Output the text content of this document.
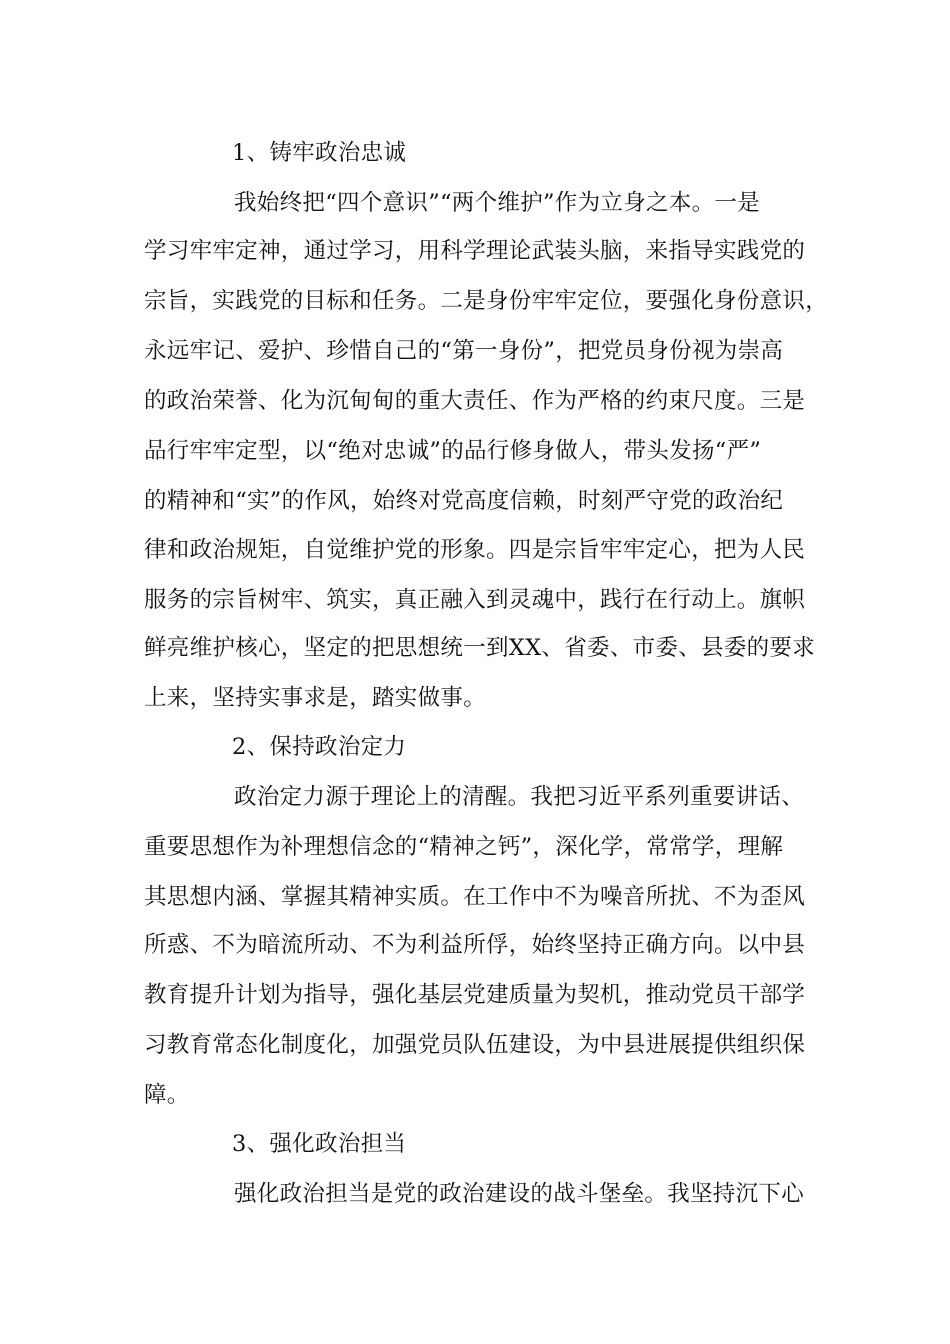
1、铸牢政治忠诚
我始终把“四个意识”“两个维护”作为立身之本。一是
学习牢牢定神，通过学习，用科学理论武装头脑，来指导实践党的
宗旨，实践党的目标和任务。二是身份牢牢定位，要强化身份意识，
永远牢记、爱护、珍惜自己的“第一身份”，把党员身份视为崇高
的政治荣誉、化为沉甸甸的重大责任、作为严格的约束尺度。三是
品行牢牢定型，以“绝对忠诚”的品行修身做人，带头发扬“严”
的精神和“实”的作风，始终对党高度信赖，时刻严守党的政治纪
律和政治规矩，自觉维护党的形象。四是宗旨牢牢定心，把为人民
服务的宗旨树牢、筑实，真正融入到灵魂中，践行在行动上。旗帜
鲜亮维护核心，坚定的把思想统一到XX、省委、市委、县委的要求
上来，坚持实事求是，踏实做事。
2、保持政治定力
政治定力源于理论上的清醒。我把习近平系列重要讲话、
重要思想作为补理想信念的“精神之钙”，深化学，常常学，理解
其思想内涵、掌握其精神实质。在工作中不为噪音所扰、不为歪风
所惑、不为暗流所动、不为利益所俘，始终坚持正确方向。以中县
教育提升计划为指导，强化基层党建质量为契机，推动党员干部学
习教育常态化制度化，加强党员队伍建设，为中县进展提供组织保
障。
3、强化政治担当
强化政治担当是党的政治建设的战斗堡垒。我坚持沉下心
